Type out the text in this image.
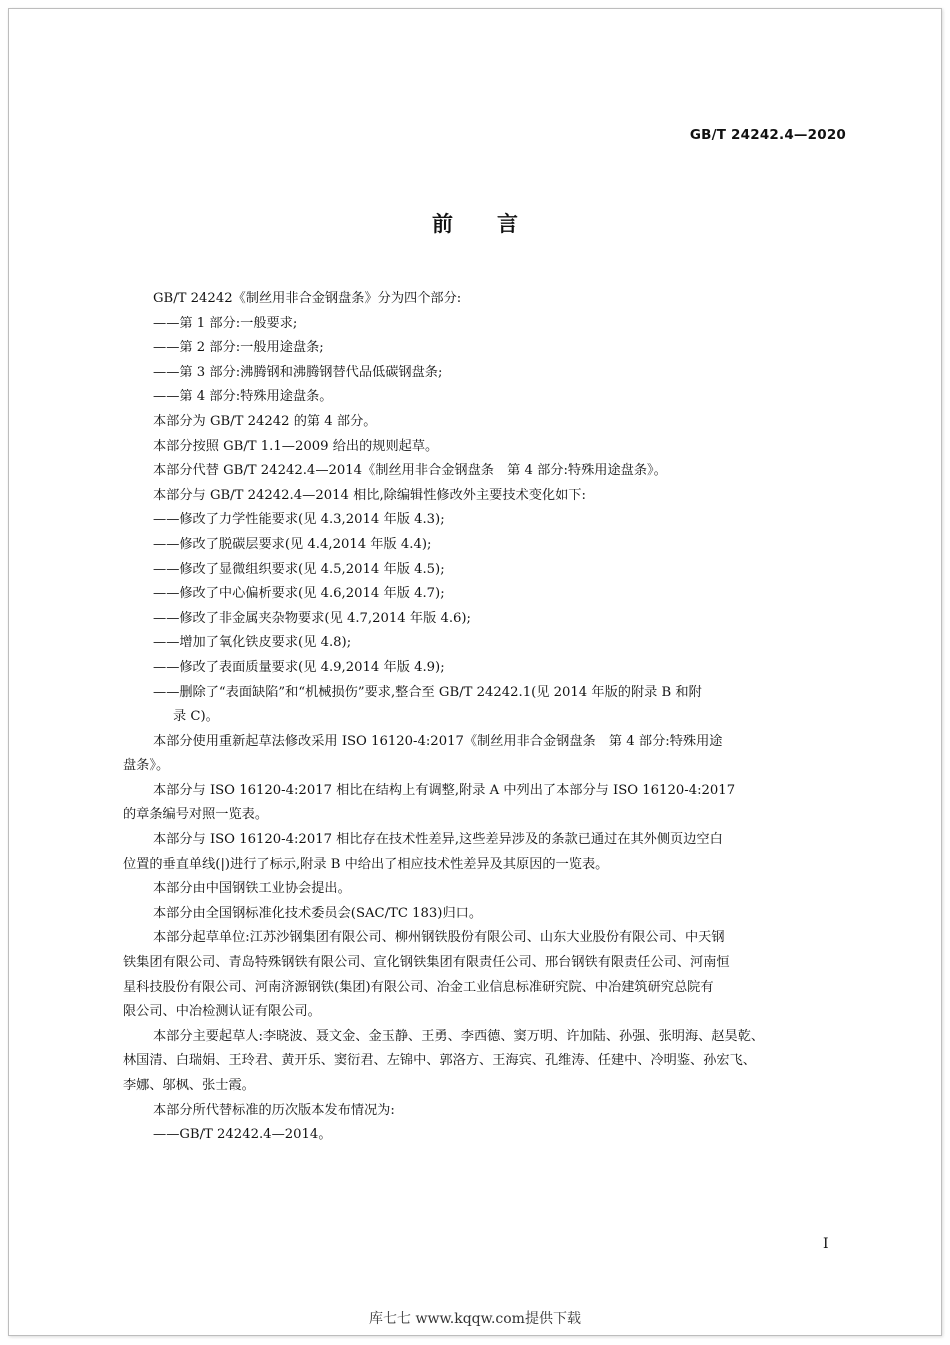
GB/T 24242.4—2020
前言

GB/T 24242《制丝用非合金钢盘条》分为四个部分:

——第 1 部分:一般要求;

——第 2 部分:一般用途盘条;

——第 3 部分:沸腾钢和沸腾钢替代品低碳钢盘条;

——第 4 部分:特殊用途盘条。

本部分为 GB/T 24242 的第 4 部分。

本部分按照 GB/T 1.1—2009 给出的规则起草。

本部分代替 GB/T 24242.4—2014《制丝用非合金钢盘条　第 4 部分:特殊用途盘条》。

本部分与 GB/T 24242.4—2014 相比,除编辑性修改外主要技术变化如下:

——修改了力学性能要求(见 4.3,2014 年版 4.3);

——修改了脱碳层要求(见 4.4,2014 年版 4.4);

——修改了显微组织要求(见 4.5,2014 年版 4.5);

——修改了中心偏析要求(见 4.6,2014 年版 4.7);

——修改了非金属夹杂物要求(见 4.7,2014 年版 4.6);

——增加了氧化铁皮要求(见 4.8);

——修改了表面质量要求(见 4.9,2014 年版 4.9);

——删除了“表面缺陷”和“机械损伤”要求,整合至 GB/T 24242.1(见 2014 年版的附录 B 和附

录 C)。

本部分使用重新起草法修改采用 ISO 16120-4:2017《制丝用非合金钢盘条　第 4 部分:特殊用途

盘条》。

本部分与 ISO 16120-4:2017 相比在结构上有调整,附录 A 中列出了本部分与 ISO 16120-4:2017

的章条编号对照一览表。

本部分与 ISO 16120-4:2017 相比存在技术性差异,这些差异涉及的条款已通过在其外侧页边空白

位置的垂直单线(|)进行了标示,附录 B 中给出了相应技术性差异及其原因的一览表。

本部分由中国钢铁工业协会提出。

本部分由全国钢标准化技术委员会(SAC/TC 183)归口。

本部分起草单位:江苏沙钢集团有限公司、柳州钢铁股份有限公司、山东大业股份有限公司、中天钢

铁集团有限公司、青岛特殊钢铁有限公司、宣化钢铁集团有限责任公司、邢台钢铁有限责任公司、河南恒

星科技股份有限公司、河南济源钢铁(集团)有限公司、冶金工业信息标准研究院、中冶建筑研究总院有

限公司、中冶检测认证有限公司。

本部分主要起草人:李晓波、聂文金、金玉静、王勇、李西德、窦万明、许加陆、孙强、张明海、赵昊乾、

林国清、白瑞娟、王玲君、黄开乐、窦衍君、左锦中、郭洛方、王海宾、孔维涛、任建中、冷明鉴、孙宏飞、

李娜、邬枫、张士霞。

本部分所代替标准的历次版本发布情况为:

——GB/T 24242.4—2014。

I
库七七 www.kqqw.com提供下载
